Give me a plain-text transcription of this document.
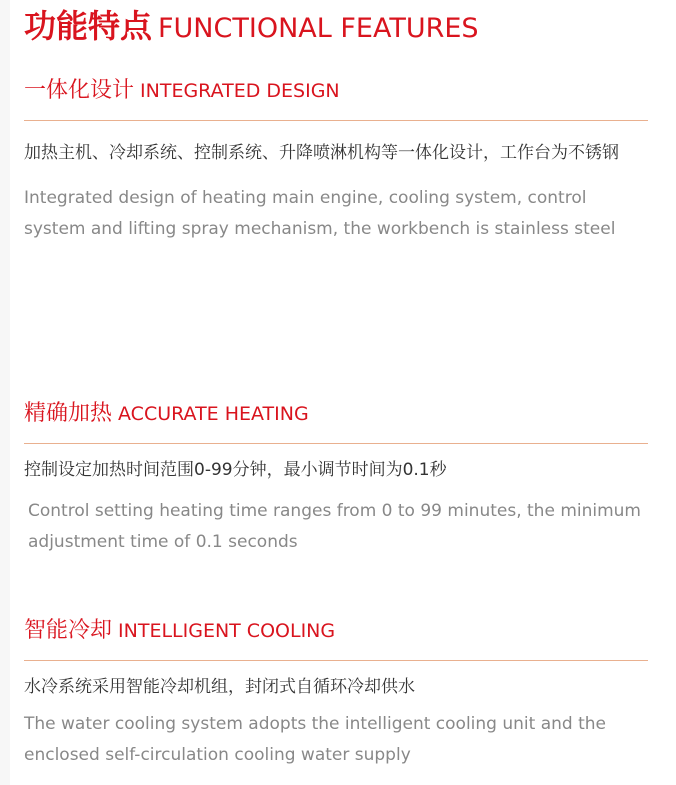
功能特点 FUNCTIONAL FEATURES
一体化设计 INTEGRATED DESIGN
加热主机、冷却系统、控制系统、升降喷淋机构等一体化设计，工作台为不锈钢
Integrated design of heating main engine, cooling system, control system and lifting spray mechanism, the workbench is stainless steel
精确加热 ACCURATE HEATING
控制设定加热时间范围0-99分钟，最小调节时间为0.1秒
Control setting heating time ranges from 0 to 99 minutes, the minimum adjustment time of 0.1 seconds
智能冷却 INTELLIGENT COOLING
水冷系统采用智能冷却机组，封闭式自循环冷却供水
The water cooling system adopts the intelligent cooling unit and the enclosed self-circulation cooling water supply
